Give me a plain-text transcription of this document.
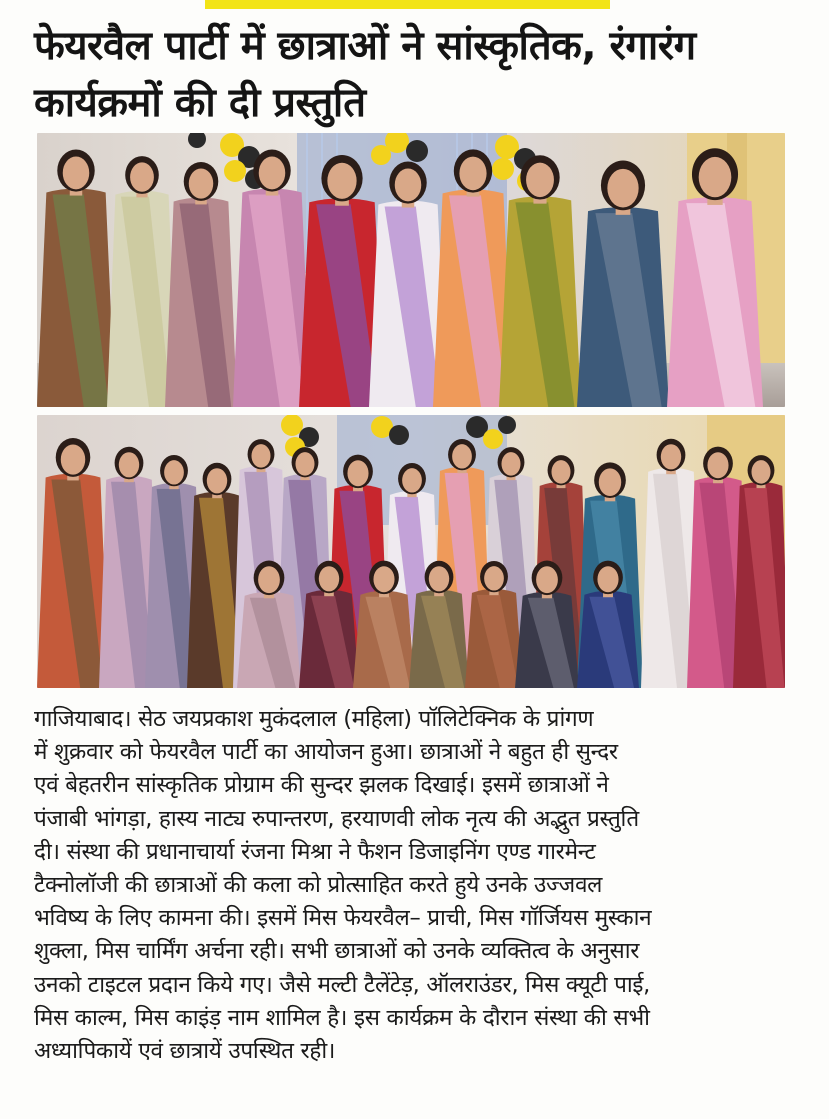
फेयरवैल पार्टी में छात्राओं ने सांस्कृतिक, रंगारंग
कार्यक्रमों की दी प्रस्तुति
गाजियाबाद। सेठ जयप्रकाश मुकंदलाल (महिला) पॉलिटेक्निक के प्रांगण
में शुक्रवार को फेयरवैल पार्टी का आयोजन हुआ। छात्राओं ने बहुत ही सुन्दर
एवं बेहतरीन सांस्कृतिक प्रोग्राम की सुन्दर झलक दिखाई। इसमें छात्राओं ने
पंजाबी भांगड़ा, हास्य नाट्य रुपान्तरण, हरयाणवी लोक नृत्य की अद्भुत प्रस्तुति
दी। संस्था की प्रधानाचार्या रंजना मिश्रा ने फैशन डिजाइनिंग एण्ड गारमेन्ट
टैक्नोलॉजी की छात्राओं की कला को प्रोत्साहित करते हुये उनके उज्जवल
भविष्य के लिए कामना की। इसमें मिस फेयरवैल– प्राची, मिस गॉर्जियस मुस्कान
शुक्ला, मिस चार्मिंग अर्चना रही। सभी छात्राओं को उनके व्यक्तित्व के अनुसार
उनको टाइटल प्रदान किये गए। जैसे मल्टी टैलेंटेड़, ऑलराउंडर, मिस क्यूटी पाई,
मिस काल्म, मिस काइंड़ नाम शामिल है। इस कार्यक्रम के दौरान संस्था की सभी
अध्यापिकायें एवं छात्रायें उपस्थित रही।
